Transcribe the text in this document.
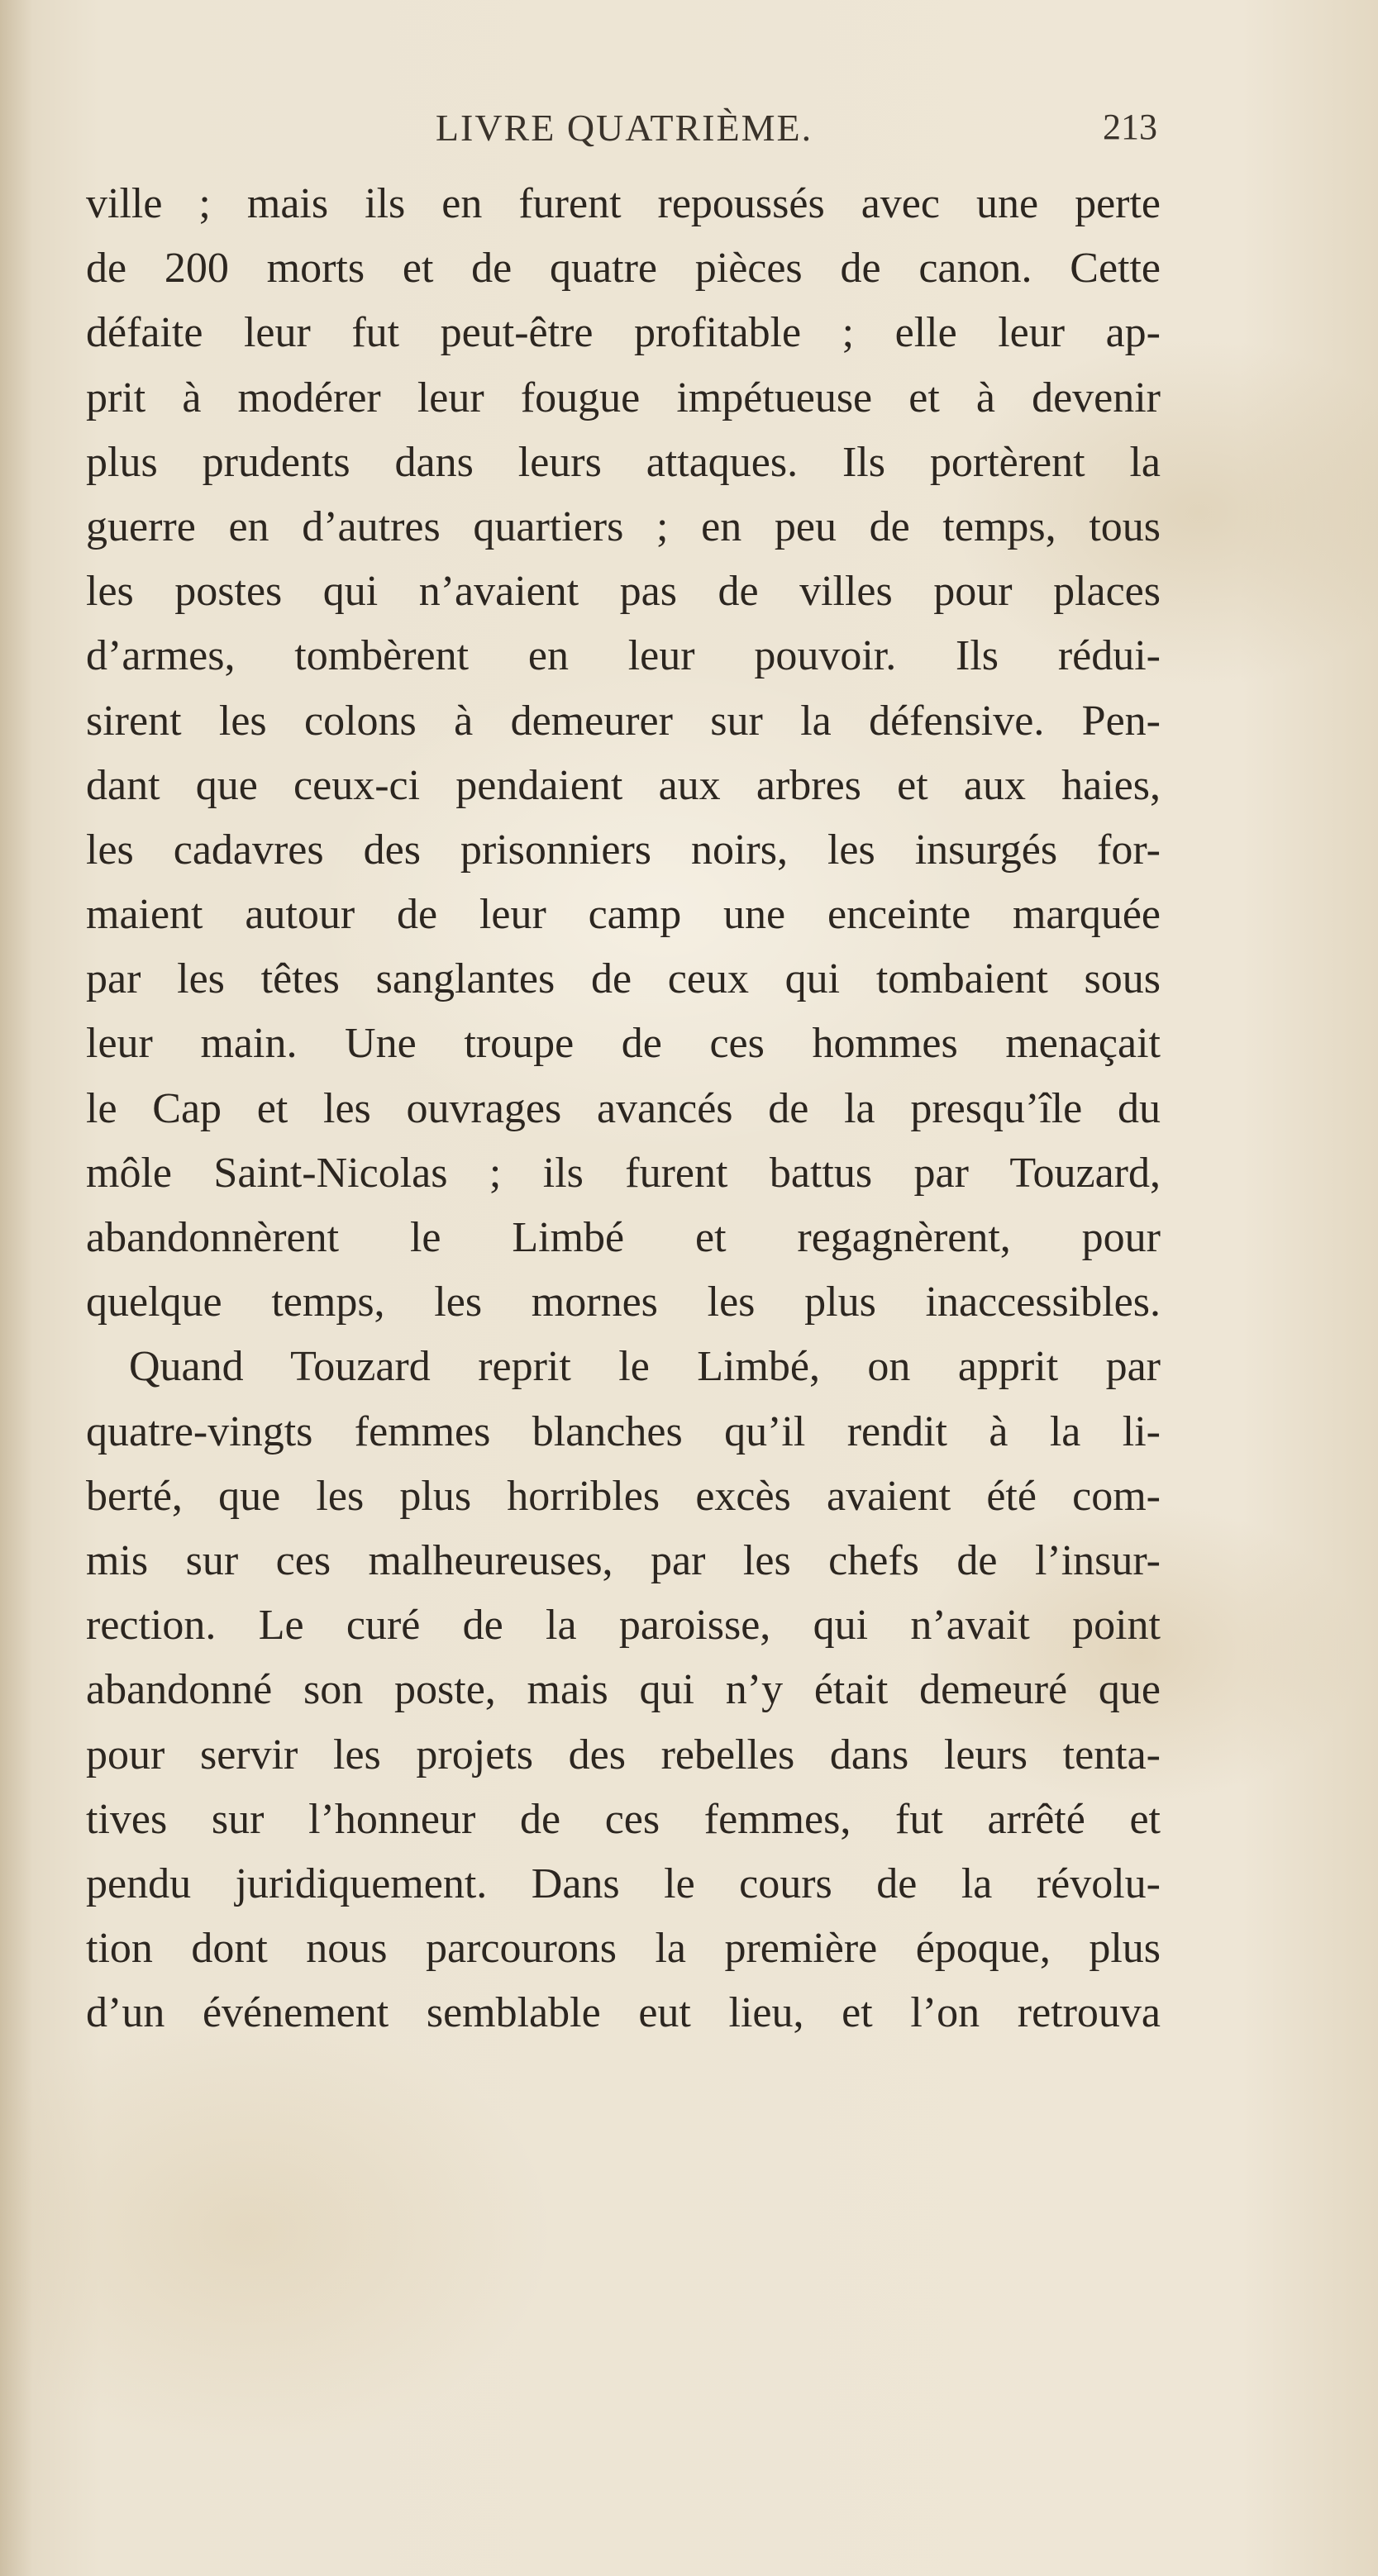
LIVRE QUATRIÈME.	213
ville ; mais ils en furent repoussés avec une perte
de 200 morts et de quatre pièces de canon. Cette
défaite leur fut peut-être profitable ; elle leur ap-
prit à modérer leur fougue impétueuse et à devenir
plus prudents dans leurs attaques. Ils portèrent la
guerre en d’autres quartiers ; en peu de temps, tous
les postes qui n’avaient pas de villes pour places
d’armes, tombèrent en leur pouvoir. Ils rédui-
sirent les colons à demeurer sur la défensive. Pen-
dant que ceux-ci pendaient aux arbres et aux haies,
les cadavres des prisonniers noirs, les insurgés for-
maient autour de leur camp une enceinte marquée
par les têtes sanglantes de ceux qui tombaient sous
leur main. Une troupe de ces hommes menaçait
le Cap et les ouvrages avancés de la presqu’île du
môle Saint-Nicolas ; ils furent battus par Touzard,
abandonnèrent le Limbé et regagnèrent, pour
quelque temps, les mornes les plus inaccessibles.
Quand Touzard reprit le Limbé, on apprit par
quatre-vingts femmes blanches qu’il rendit à la li-
berté, que les plus horribles excès avaient été com-
mis sur ces malheureuses, par les chefs de l’insur-
rection. Le curé de la paroisse, qui n’avait point
abandonné son poste, mais qui n’y était demeuré que
pour servir les projets des rebelles dans leurs tenta-
tives sur l’honneur de ces femmes, fut arrêté et
pendu juridiquement. Dans le cours de la révolu-
tion dont nous parcourons la première époque, plus
d’un événement semblable eut lieu, et l’on retrouva
